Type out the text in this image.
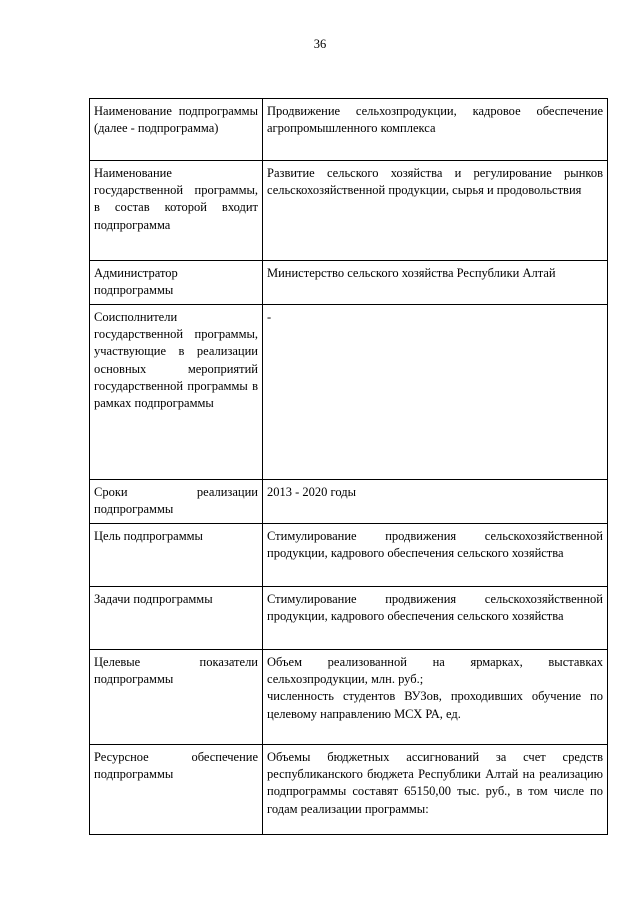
36
Наименование подпрограммы (далее - подпрограмма)	Продвижение сельхозпродукции, кадровое обеспечение агропромышленного комплекса
Наименование государственной программы, в состав которой входит подпрограмма	Развитие сельского хозяйства и регулирование рынков сельскохозяйственной продукции, сырья и продовольствия
Администратор подпрограммы	Министерство сельского хозяйства Республики Алтай
Соисполнители государственной программы, участвующие в реализации основных мероприятий государственной программы в рамках подпрограммы	-
Сроки реализации подпрограммы	2013 - 2020 годы
Цель подпрограммы	Стимулирование продвижения сельскохозяйственной продукции, кадрового обеспечения сельского хозяйства
Задачи подпрограммы	Стимулирование продвижения сельскохозяйственной продукции, кадрового обеспечения сельского хозяйства
Целевые показатели подпрограммы	Объем реализованной на ярмарках, выставках сельхозпродукции, млн. руб.;
численность студентов ВУЗов, проходивших обучение по целевому направлению МСХ РА, ед.

Ресурсное обеспечение подпрограммы	Объемы бюджетных ассигнований за счет средств республиканского бюджета Республики Алтай на реализацию подпрограммы составят 65150,00 тыс. руб., в том числе по годам реализации программы:
